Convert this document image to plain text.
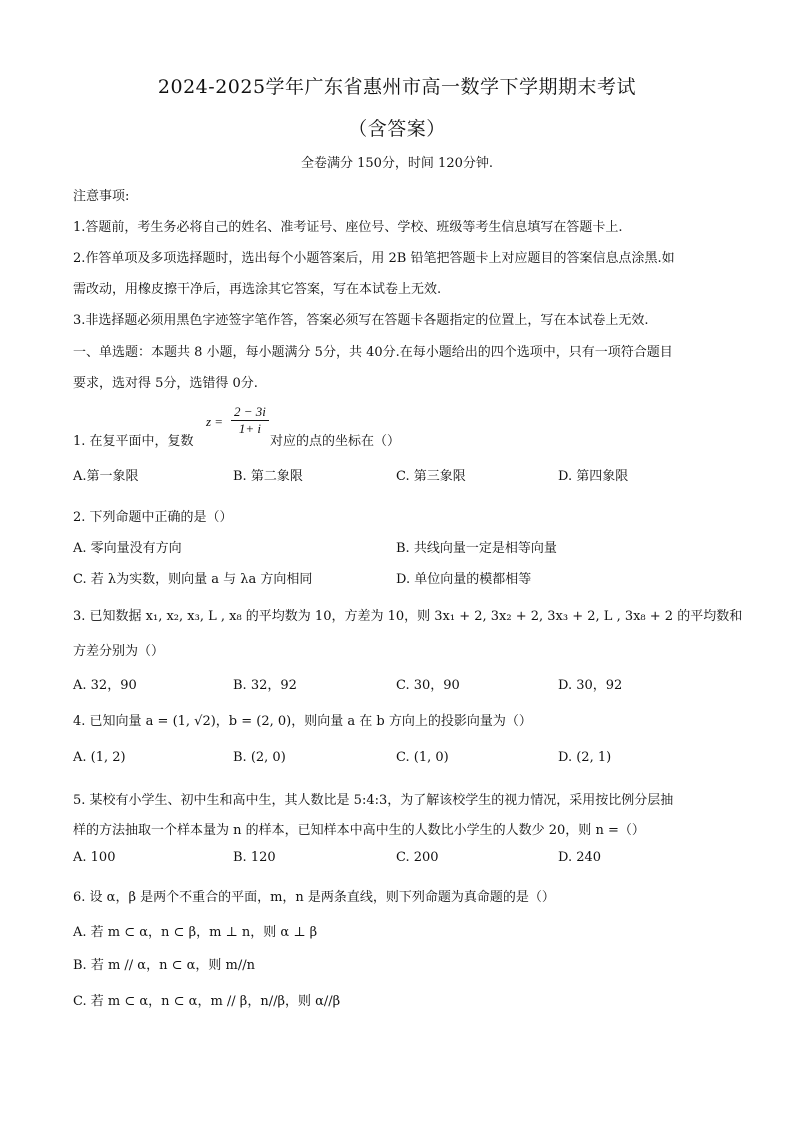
2024-2025学年广东省惠州市高一数学下学期期末考试
（含答案）
全卷满分 150分，时间 120分钟.
注意事项:
1.答题前，考生务必将自己的姓名、准考证号、座位号、学校、班级等考生信息填写在答题卡上.
2.作答单项及多项选择题时，选出每个小题答案后，用 2B 铅笔把答题卡上对应题目的答案信息点涂黑.如
需改动，用橡皮擦干净后，再选涂其它答案，写在本试卷上无效.
3.非选择题必须用黑色字迹签字笔作答，答案必须写在答题卡各题指定的位置上，写在本试卷上无效.
一、单选题：本题共 8 小题，每小题满分 5分，共 40分.在每小题给出的四个选项中，只有一项符合题目
要求，选对得 5分，选错得 0分.
1. 在复平面中，复数
$z = \frac{2 - 3i}{1+ i}$
对应的点的坐标在（）
A.第一象限	B. 第二象限	C. 第三象限	D. 第四象限
2. 下列命题中正确的是（）
A. 零向量没有方向	B. 共线向量一定是相等向量
C. 若 λ为实数，则向量 a 与 λa 方向相同	D. 单位向量的模都相等
3. 已知数据 x₁, x₂, x₃, L , x₈ 的平均数为 10，方差为 10，则 3x₁ + 2, 3x₂ + 2, 3x₃ + 2, L , 3x₈ + 2 的平均数和
方差分别为（）
A. 32，90	B. 32，92	C. 30，90	D. 30，92
4. 已知向量 a = (1, √2)，b = (2, 0)，则向量 a 在 b 方向上的投影向量为（）
A. (1, 2)	B. (2, 0)	C. (1, 0)	D. (2, 1)
5. 某校有小学生、初中生和高中生，其人数比是 5:4:3，为了解该校学生的视力情况，采用按比例分层抽
样的方法抽取一个样本量为 n 的样本，已知样本中高中生的人数比小学生的人数少 20，则 n =（）
A. 100	B. 120	C. 200	D. 240
6. 设 α，β 是两个不重合的平面，m，n 是两条直线，则下列命题为真命题的是（）
A. 若 m ⊂ α，n ⊂ β，m ⊥ n，则 α ⊥ β
B. 若 m // α，n ⊂ α，则 m//n
C. 若 m ⊂ α，n ⊂ α，m // β，n//β，则 α//β
